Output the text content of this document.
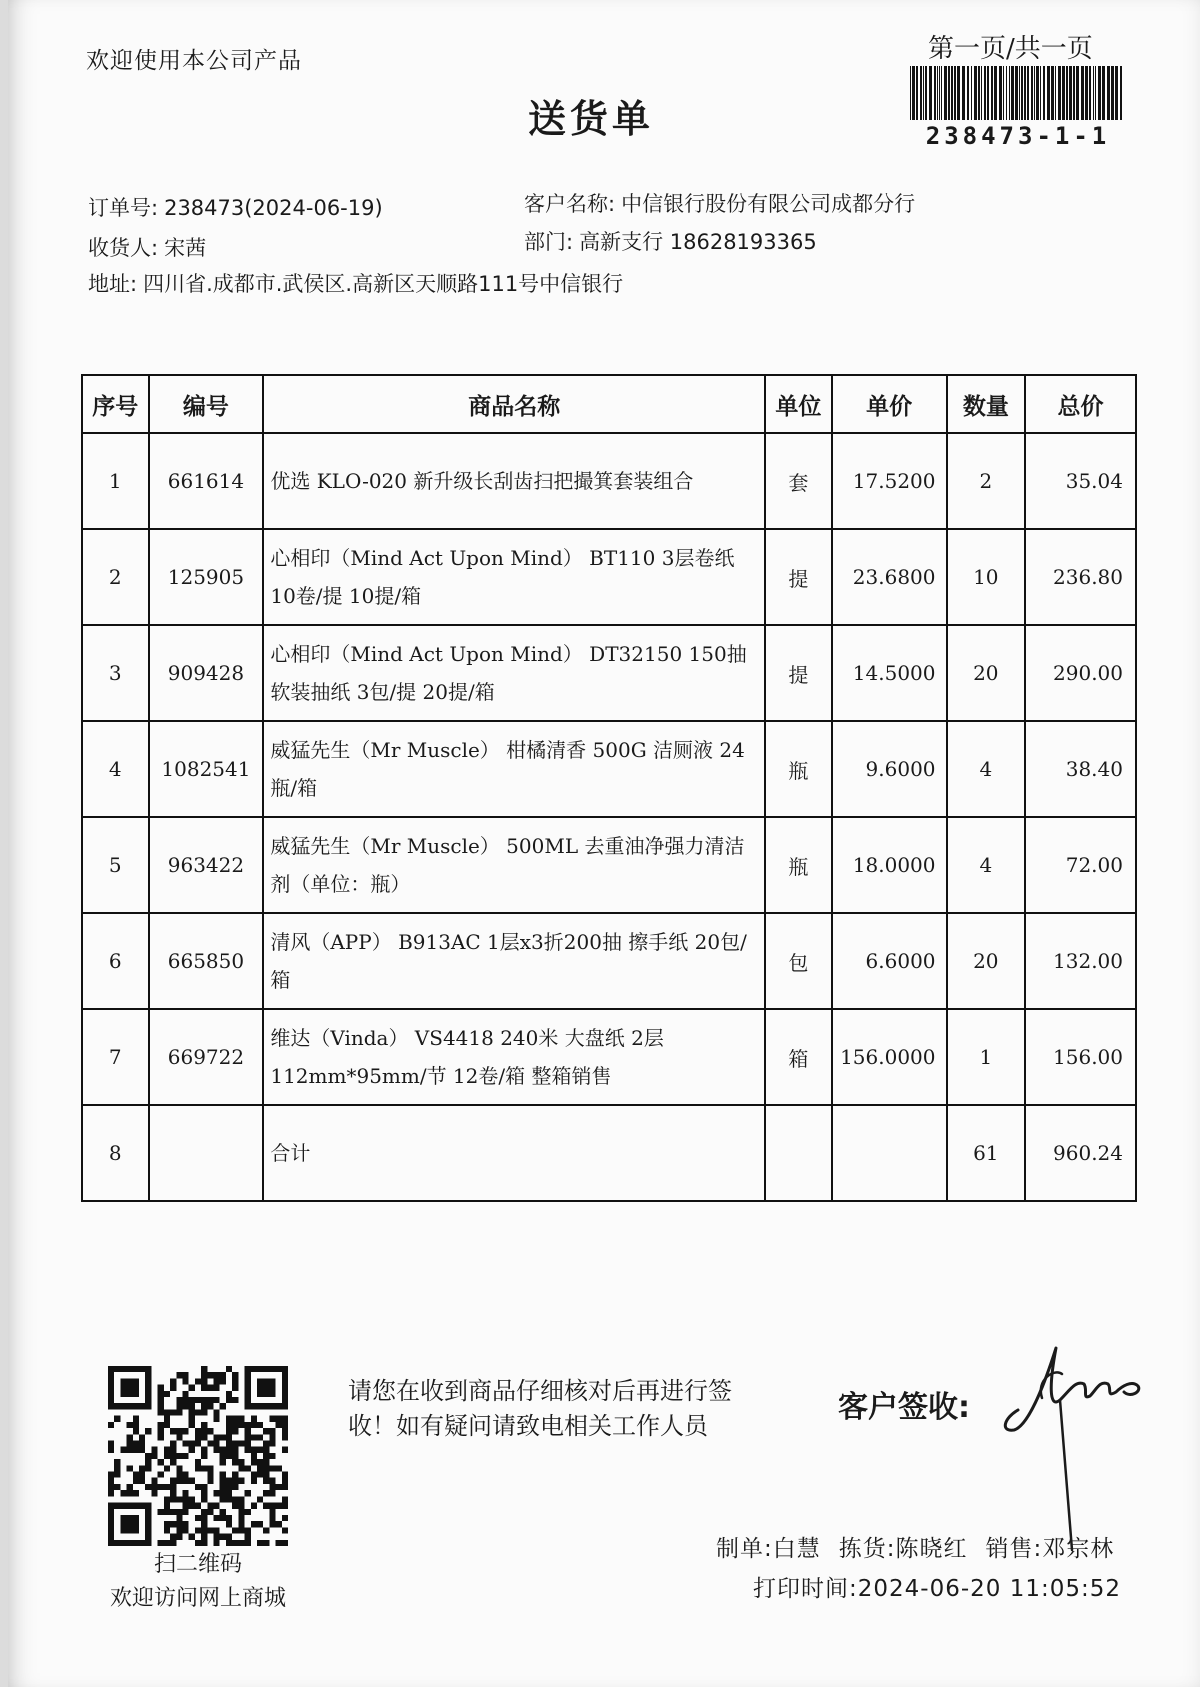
欢迎使用本公司产品	第一页/共一页
238473-1-1
送货单
订单号: 238473(2024-06-19)	客户名称: 中信银行股份有限公司成都分行
收货人: 宋茜	部门: 高新支行 18628193365
地址: 四川省.成都市.武侯区.高新区天顺路111号中信银行
序号	编号	商品名称	单位	单价	数量	总价
1	661614	优选 KLO-020 新升级长刮齿扫把撮箕套装组合	套	17.5200	2	35.04
2	125905	心相印（Mind Act Upon Mind） BT110 3层卷纸 10卷/提 10提/箱	提	23.6800	10	236.80
3	909428	心相印（Mind Act Upon Mind） DT32150 150抽软装抽纸 3包/提 20提/箱	提	14.5000	20	290.00
4	1082541	威猛先生（Mr Muscle） 柑橘清香 500G 洁厕液 24瓶/箱	瓶	9.6000	4	38.40
5	963422	威猛先生（Mr Muscle） 500ML 去重油净强力清洁剂（单位：瓶）	瓶	18.0000	4	72.00
6	665850	清风（APP） B913AC 1层x3折200抽 擦手纸 20包/箱	包	6.6000	20	132.00
7	669722	维达（Vinda） VS4418 240米 大盘纸 2层 112mm*95mm/节 12卷/箱 整箱销售	箱	156.0000	1	156.00
8		合计			61	960.24
扫二维码
欢迎访问网上商城
请您在收到商品仔细核对后再进行签收！如有疑问请致电相关工作人员
客户签收:
制单:白慧 拣货:陈晓红 销售:邓宗林
打印时间:2024-06-20 11:05:52
